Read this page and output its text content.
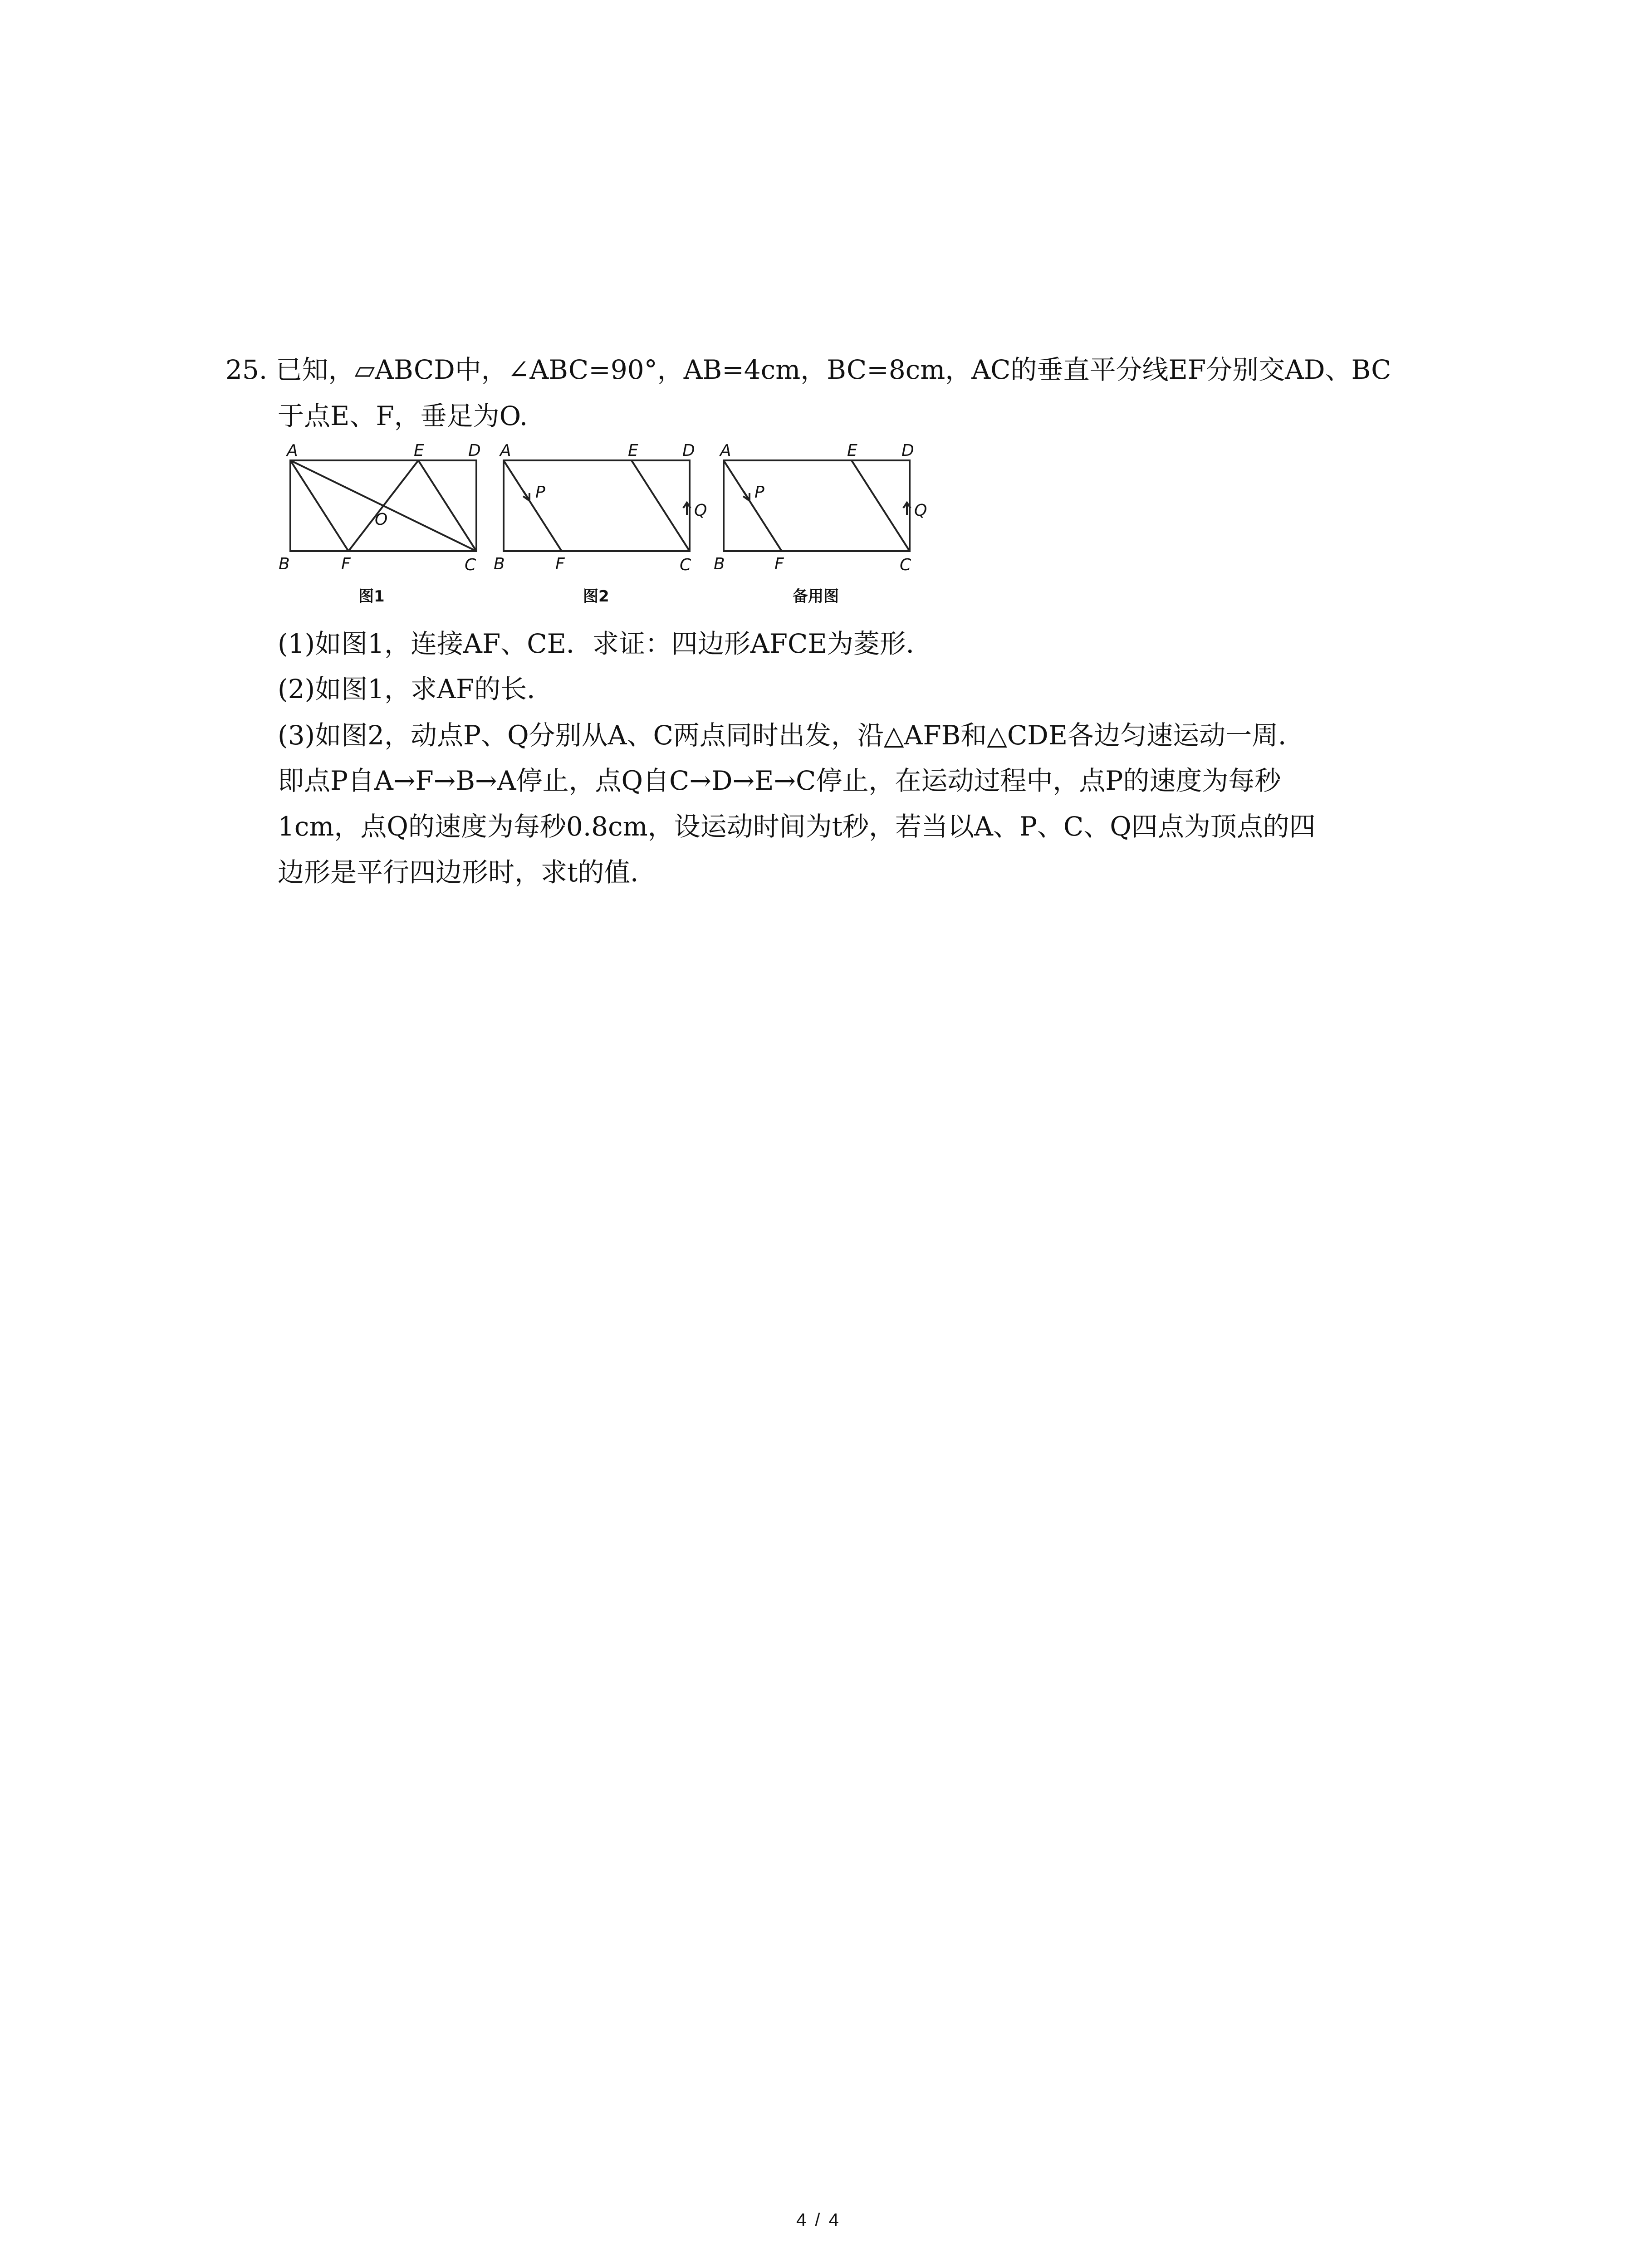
25. 已知，▱ABCD中，∠ABC=90°，AB=4cm，BC=8cm，AC的垂直平分线EF分别交AD、BC
于点E、F，垂足为O.
A	E	D
B	F	C
O
图1
A	E	D
B	F	C
P
Q
图2
A	E	D
B	F	C
P
Q
备用图
(1)如图1，连接AF、CE．求证：四边形AFCE为菱形．
(2)如图1，求AF的长．
(3)如图2，动点P、Q分别从A、C两点同时出发，沿△AFB和△CDE各边匀速运动一周．
即点P自A→F→B→A停止，点Q自C→D→E→C停止，在运动过程中，点P的速度为每秒
1cm，点Q的速度为每秒0.8cm，设运动时间为t秒，若当以A、P、C、Q四点为顶点的四
边形是平行四边形时，求t的值．
4 / 4
